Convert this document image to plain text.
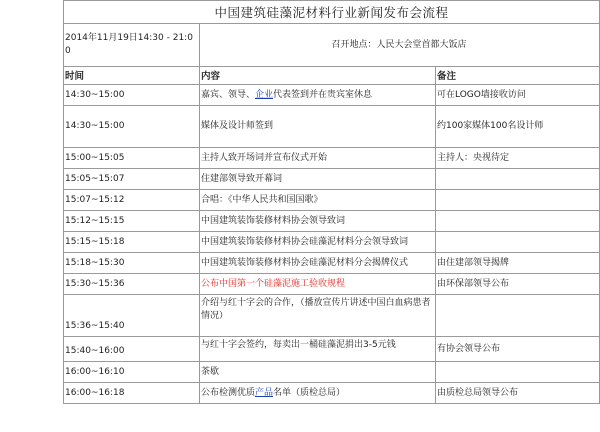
中国建筑硅藻泥材料行业新闻发布会流程		
2014年11月19日14:30 - 21:00	召开地点：人民大会堂首都大饭店	
时间	内容	备注
14:30~15:00	嘉宾、领导、企业代表签到并在贵宾室休息	可在LOGO墙接收访问
14:30~15:00	媒体及设计师签到	约100家媒体100名设计师
15:00~15:05	主持人致开场词并宣布仪式开始	主持人：央视待定
15:05~15:07	住建部领导致开幕词	
15:07~15:12	合唱：《中华人民共和国国歌》	
15:12~15:15	中国建筑装饰装修材料协会领导致词	
15:15~15:18	中国建筑装饰装修材料协会硅藻泥材料分会领导致词	
15:18~15:30	中国建筑装饰装修材料协会硅藻泥材料分会揭牌仪式	由住建部领导揭牌
15:30~15:36	公布中国第一个硅藻泥施工验收规程	由环保部领导公布
15:36~15:40	介绍与红十字会的合作，（播放宣传片讲述中国白血病患者情况）	
15:40~16:00	与红十字会签约，每卖出一桶硅藻泥捐出3-5元钱	有协会领导公布
16:00~16:10	茶歇	
16:00~16:18	公布检测优质产品名单（质检总局）	由质检总局领导公布
